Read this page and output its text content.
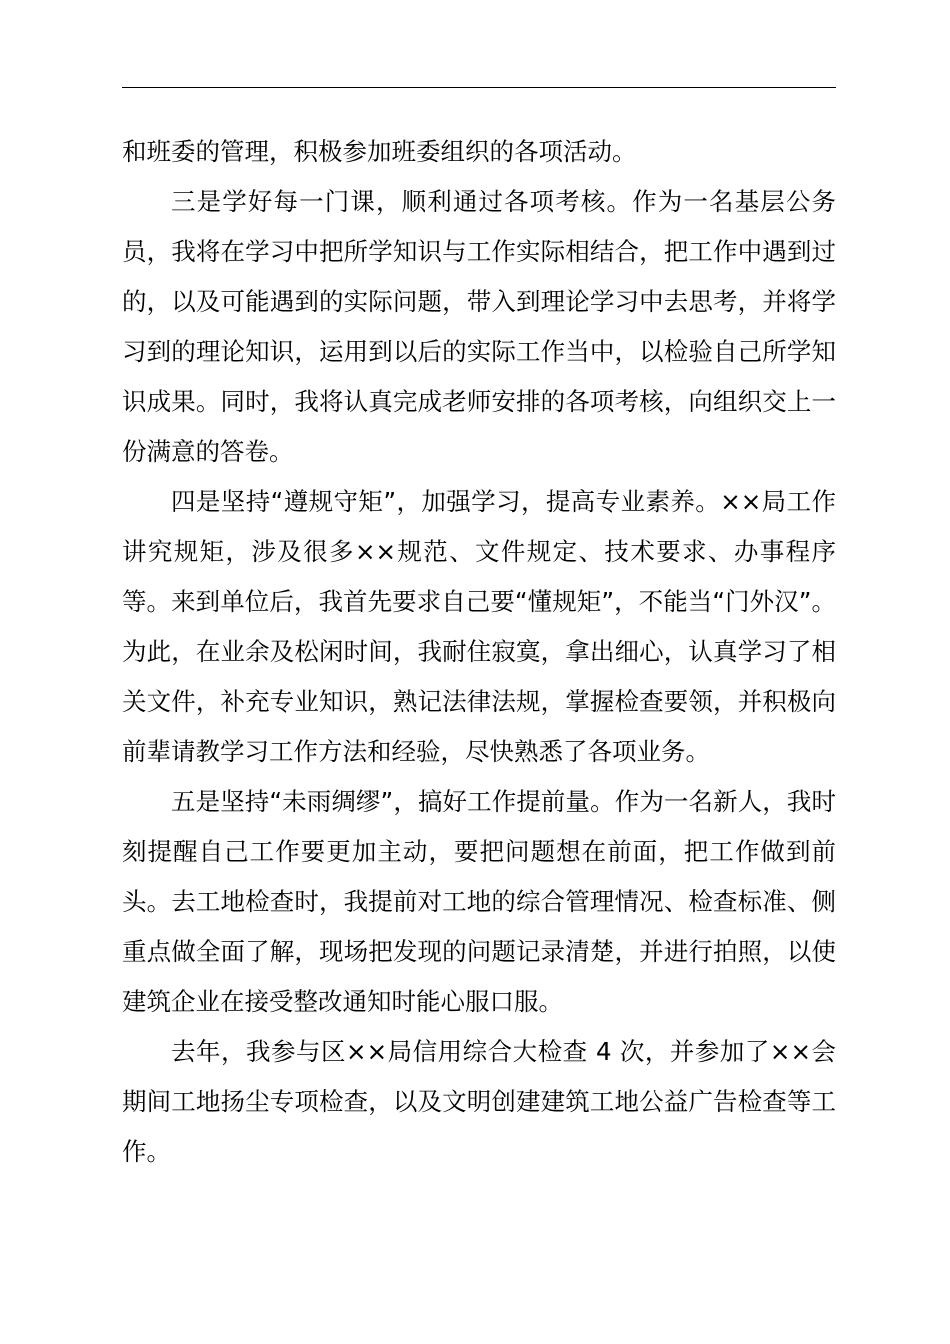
和班委的管理，积极参加班委组织的各项活动。

三是学好每一门课，顺利通过各项考核。作为一名基层公务员，我将在学习中把所学知识与工作实际相结合，把工作中遇到过的，以及可能遇到的实际问题，带入到理论学习中去思考，并将学习到的理论知识，运用到以后的实际工作当中，以检验自己所学知识成果。同时，我将认真完成老师安排的各项考核，向组织交上一份满意的答卷。

四是坚持“遵规守矩”，加强学习，提高专业素养。××局工作讲究规矩，涉及很多××规范、文件规定、技术要求、办事程序等。来到单位后，我首先要求自己要“懂规矩”，不能当“门外汉”。为此，在业余及松闲时间，我耐住寂寞，拿出细心，认真学习了相关文件，补充专业知识，熟记法律法规，掌握检查要领，并积极向前辈请教学习工作方法和经验，尽快熟悉了各项业务。

五是坚持“未雨绸缪”，搞好工作提前量。作为一名新人，我时刻提醒自己工作要更加主动，要把问题想在前面，把工作做到前头。去工地检查时，我提前对工地的综合管理情况、检查标准、侧重点做全面了解，现场把发现的问题记录清楚，并进行拍照，以使建筑企业在接受整改通知时能心服口服。

去年，我参与区××局信用综合大检查 4 次，并参加了××会期间工地扬尘专项检查，以及文明创建建筑工地公益广告检查等工作。
